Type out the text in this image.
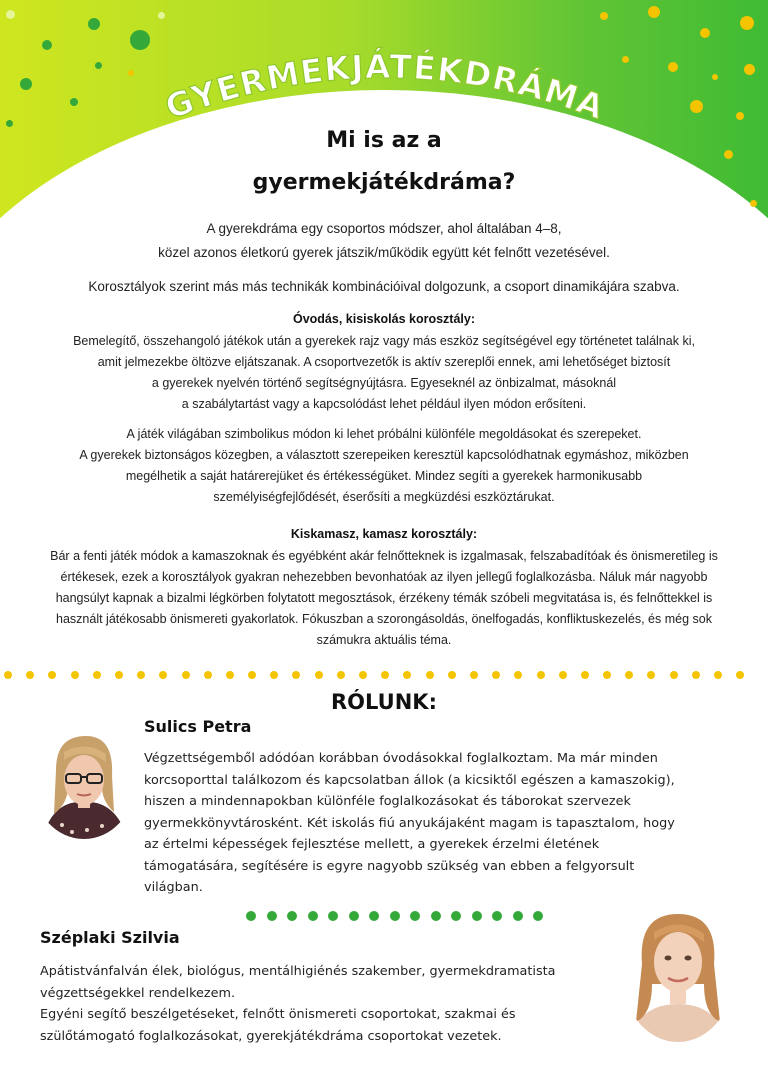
GYERMEKJÁTÉKDRÁMA
Mi is az a
gyermekjátékdráma?
A gyerekdráma egy csoportos módszer, ahol általában 4–8,
közel azonos életkorú gyerek játszik/működik együtt két felnőtt vezetésével.
Korosztályok szerint más más technikák kombinációival dolgozunk, a csoport dinamikájára szabva.
Óvodás, kisiskolás korosztály:
Bemelegítő, összehangoló játékok után a gyerekek rajz vagy más eszköz segítségével egy történetet találnak ki,
amit jelmezekbe öltözve eljátszanak. A csoportvezetők is aktív szereplői ennek, ami lehetőséget biztosít
a gyerekek nyelvén történő segítségnyújtásra. Egyeseknél az önbizalmat, másoknál
a szabálytartást vagy a kapcsolódást lehet például ilyen módon erősíteni.
A játék világában szimbolikus módon ki lehet próbálni különféle megoldásokat és szerepeket.
A gyerekek biztonságos közegben, a választott szerepeiken keresztül kapcsolódhatnak egymáshoz, miközben
megélhetik a saját határerejüket és értékességüket. Mindez segíti a gyerekek harmonikusabb
személyiségfejlődését, éserősíti a megküzdési eszköztárukat.
Kiskamasz, kamasz korosztály:
Bár a fenti játék módok a kamaszoknak és egyébként akár felnőtteknek is izgalmasak, felszabadítóak és önismeretileg is
értékesek, ezek a korosztályok gyakran nehezebben bevonhatóak az ilyen jellegű foglalkozásba. Náluk már nagyobb
hangsúlyt kapnak a bizalmi légkörben folytatott megosztások, érzékeny témák szóbeli megvitatása is, és felnőttekkel is
használt játékosabb önismereti gyakorlatok. Fókuszban a szorongásoldás, önelfogadás, konfliktuskezelés, és még sok
számukra aktuális téma.
RÓLUNK:
Sulics Petra
Végzettségemből adódóan korábban óvodásokkal foglalkoztam. Ma már minden
korcsoporttal találkozom és kapcsolatban állok (a kicsiktől egészen a kamaszokig),
hiszen a mindennapokban különféle foglalkozásokat és táborokat szervezek
gyermekkönyvtárosként. Két iskolás fiú anyukájaként magam is tapasztalom, hogy
az értelmi képességek fejlesztése mellett, a gyerekek érzelmi életének
támogatására, segítésére is egyre nagyobb szükség van ebben a felgyorsult
világban.
Széplaki Szilvia
Apátistvánfalván élek, biológus, mentálhigiénés szakember, gyermekdramatista
végzettségekkel rendelkezem.
Egyéni segítő beszélgetéseket, felnőtt önismereti csoportokat, szakmai és
szülőtámogató foglalkozásokat, gyerekjátékdráma csoportokat vezetek.
